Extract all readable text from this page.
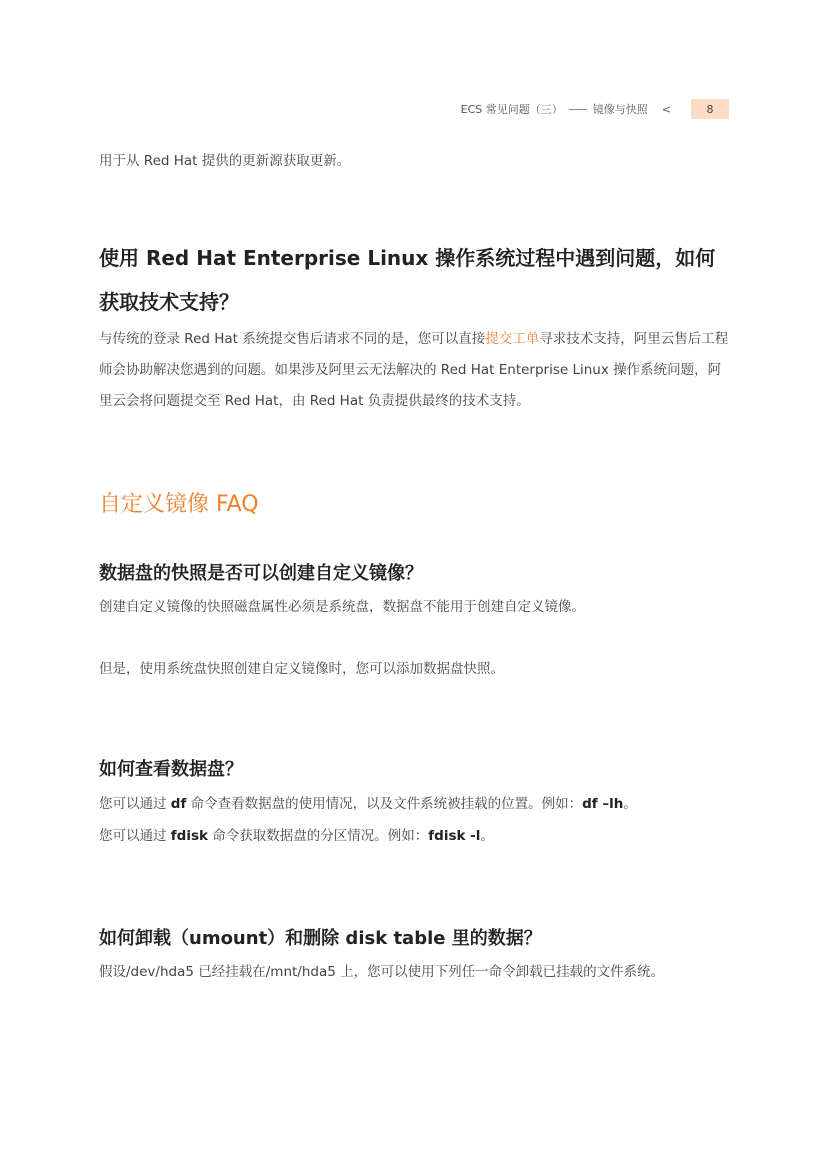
ECS 常见问题（三）	镜像与快照 <	8

用于从 Red Hat 提供的更新源获取更新。

使用 Red Hat Enterprise Linux 操作系统过程中遇到问题，如何获取技术支持？

与传统的登录 Red Hat 系统提交售后请求不同的是，您可以直接提交工单寻求技术支持，阿里云售后工程师会协助解决您遇到的问题。如果涉及阿里云无法解决的 Red Hat Enterprise Linux 操作系统问题，阿里云会将问题提交至 Red Hat，由 Red Hat 负责提供最终的技术支持。

自定义镜像 FAQ
数据盘的快照是否可以创建自定义镜像？

创建自定义镜像的快照磁盘属性必须是系统盘，数据盘不能用于创建自定义镜像。

但是，使用系统盘快照创建自定义镜像时，您可以添加数据盘快照。

如何查看数据盘？

您可以通过 df 命令查看数据盘的使用情况，以及文件系统被挂载的位置。例如：df –lh。

您可以通过 fdisk 命令获取数据盘的分区情况。例如：fdisk -l。

如何卸载（umount）和删除 disk table 里的数据？

假设/dev/hda5 已经挂载在/mnt/hda5 上，您可以使用下列任一命令卸载已挂载的文件系统。
